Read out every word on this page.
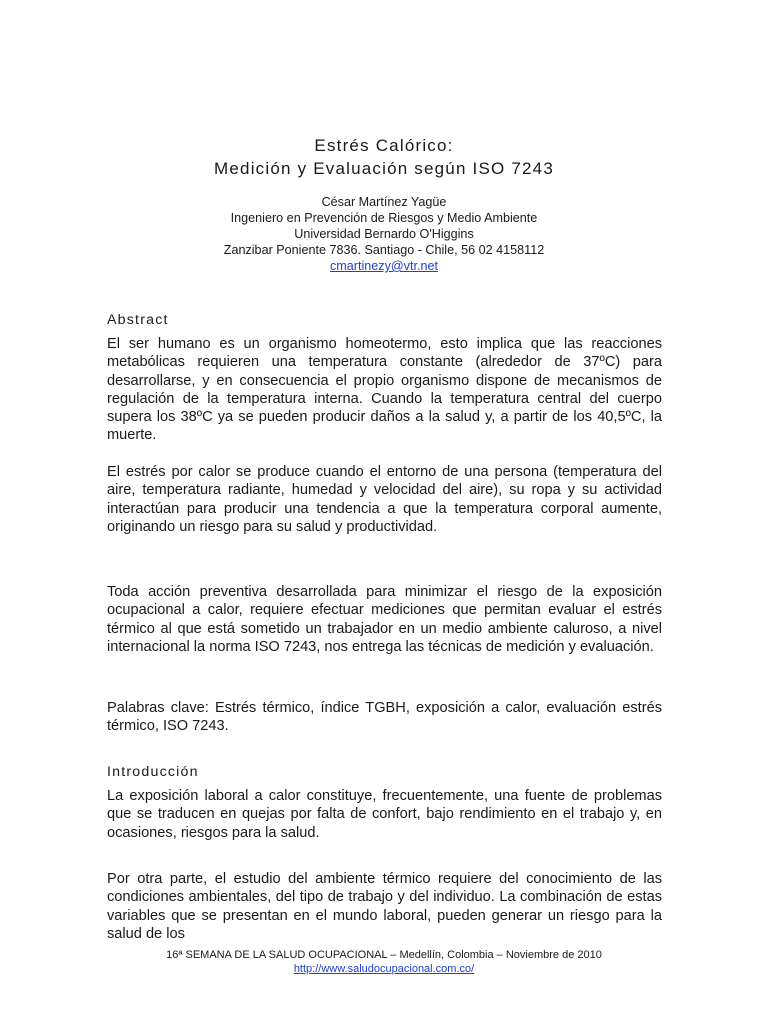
Estrés Calórico:
Medición y Evaluación según ISO 7243
César Martínez Yagüe
Ingeniero en Prevención de Riesgos y Medio Ambiente
Universidad Bernardo O'Higgins
Zanzibar Poniente 7836. Santiago - Chile, 56 02 4158112
cmartinezy@vtr.net
Abstract

El ser humano es un organismo homeotermo, esto implica que las reacciones metabólicas requieren una temperatura constante (alrededor de 37ºC) para desarrollarse, y en consecuencia el propio organismo dispone de mecanismos de regulación de la temperatura interna. Cuando la temperatura central del cuerpo supera los 38ºC ya se pueden producir daños a la salud y, a partir de los 40,5ºC, la muerte.

El estrés por calor se produce cuando el entorno de una persona (temperatura del aire, temperatura radiante, humedad y velocidad del aire), su ropa y su actividad interactúan para producir una tendencia a que la temperatura corporal aumente, originando un riesgo para su salud y productividad.

Toda acción preventiva desarrollada para minimizar el riesgo de la exposición ocupacional a calor, requiere efectuar mediciones que permitan evaluar el estrés térmico al que está sometido un trabajador en un medio ambiente caluroso, a nivel internacional la norma ISO 7243, nos entrega las técnicas de medición y evaluación.

Palabras clave: Estrés térmico, índice TGBH, exposición a calor, evaluación estrés térmico, ISO 7243.

Introducción

La exposición laboral a calor constituye, frecuentemente, una fuente de problemas que se traducen en quejas por falta de confort, bajo rendimiento en el trabajo y, en ocasiones, riesgos para la salud.

Por otra parte, el estudio del ambiente térmico requiere del conocimiento de las condiciones ambientales, del tipo de trabajo y del individuo. La combinación de estas variables que se presentan en el mundo laboral, pueden generar un riesgo para la salud de los

16ª SEMANA DE LA SALUD OCUPACIONAL – Medellín, Colombia – Noviembre de 2010
http://www.saludocupacional.com.co/
